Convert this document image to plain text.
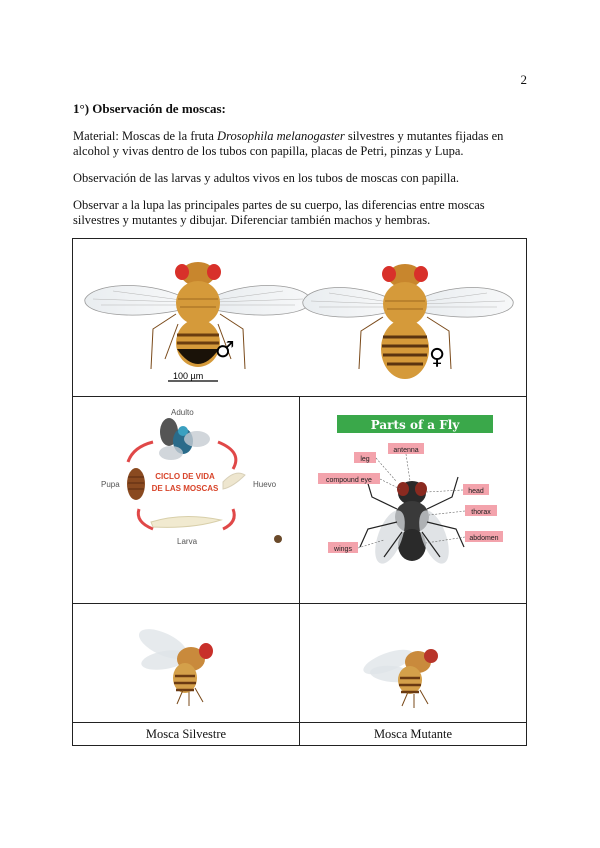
2
1°) Observación de moscas:
Material: Moscas de la fruta Drosophila melanogaster silvestres y mutantes fijadas en alcohol y vivas dentro de los tubos con papilla, placas de Petri, pinzas y Lupa.
Observación de las larvas y adultos vivos en los tubos de moscas con papilla.
Observar a la lupa las principales partes de su cuerpo, las diferencias entre moscas silvestres y mutantes y dibujar. Diferenciar también machos y hembras.
♂
100 µm
♀
Adulto
Pupa
CICLO DE VIDA
DE LAS MOSCAS	Huevo
Larva
Parts of a Fly
leg
antenna
compound eye
head
thorax
abdomen
wings
Mosca Silvestre	Mosca Mutante
